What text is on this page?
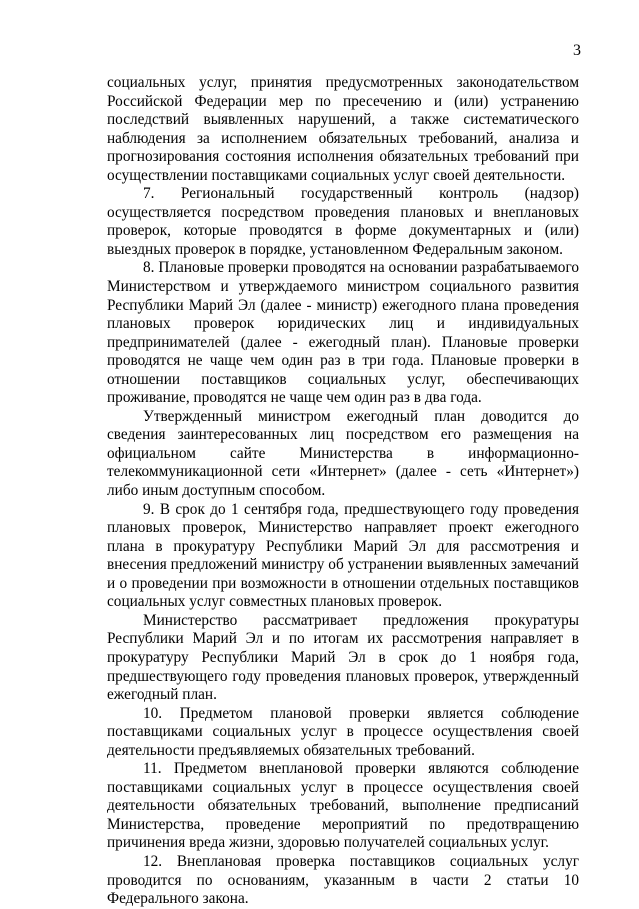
3

социальных услуг, принятия предусмотренных законодательством Российской Федерации мер по пресечению и (или) устранению последствий выявленных нарушений, а также систематического наблюдения за исполнением обязательных требований, анализа и прогнозирования состояния исполнения обязательных требований при осуществлении поставщиками социальных услуг своей деятельности.

7. Региональный государственный контроль (надзор) осуществляется посредством проведения плановых и внеплановых проверок, которые проводятся в форме документарных и (или) выездных проверок в порядке, установленном Федеральным законом.

8. Плановые проверки проводятся на основании разрабатываемого Министерством и утверждаемого министром социального развития Республики Марий Эл (далее - министр) ежегодного плана проведения плановых проверок юридических лиц и индивидуальных предпринимателей (далее - ежегодный план). Плановые проверки проводятся не чаще чем один раз в три года. Плановые проверки в отношении поставщиков социальных услуг, обеспечивающих проживание, проводятся не чаще чем один раз в два года.

Утвержденный министром ежегодный план доводится до сведения заинтересованных лиц посредством его размещения на официальном сайте Министерства в информационно-телекоммуникационной сети «Интернет» (далее - сеть «Интернет») либо иным доступным способом.

9. В срок до 1 сентября года, предшествующего году проведения плановых проверок, Министерство направляет проект ежегодного плана в прокуратуру Республики Марий Эл для рассмотрения и внесения предложений министру об устранении выявленных замечаний и о проведении при возможности в отношении отдельных поставщиков социальных услуг совместных плановых проверок.

Министерство рассматривает предложения прокуратуры Республики Марий Эл и по итогам их рассмотрения направляет в прокуратуру Республики Марий Эл в срок до 1 ноября года, предшествующего году проведения плановых проверок, утвержденный ежегодный план.

10. Предметом плановой проверки является соблюдение поставщиками социальных услуг в процессе осуществления своей деятельности предъявляемых обязательных требований.

11. Предметом внеплановой проверки являются соблюдение поставщиками социальных услуг в процессе осуществления своей деятельности обязательных требований, выполнение предписаний Министерства, проведение мероприятий по предотвращению причинения вреда жизни, здоровью получателей социальных услуг.

12. Внеплановая проверка поставщиков социальных услуг проводится по основаниям, указанным в части 2 статьи 10 Федерального закона.
